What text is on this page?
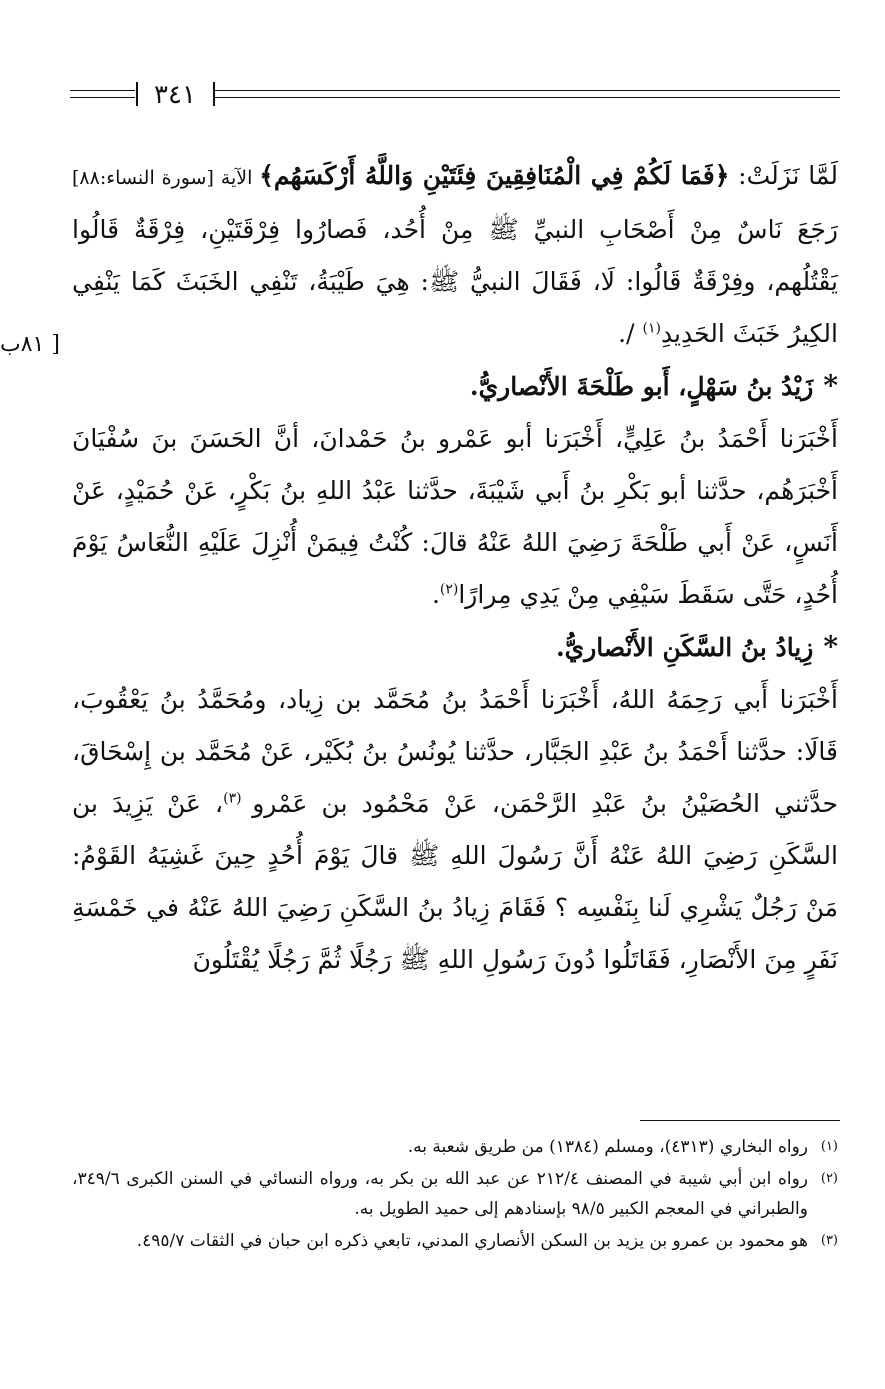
٣٤١
[ ٨١ب

لَمَّا نَزَلَتْ: ﴿فَمَا لَكُمْ فِي الْمُنَافِقِينَ فِئَتَيْنِ وَاللَّهُ أَرْكَسَهُم﴾ الآية [سورة النساء:٨٨] رَجَعَ نَاسٌ مِنْ أَصْحَابِ النبيِّ ﷺ مِنْ أُحُد، فَصارُوا فِرْقَتَيْنِ، فِرْقَةٌ قَالُوا يَقْتُلُهم، وفِرْقَةٌ قَالُوا: لَا، فَقَالَ النبيُّ ﷺ: هِيَ طَيْبَةُ، تَنْفِي الخَبَثَ كَمَا يَنْفِي الكِيرُ خَبَثَ الحَدِيدِ$^{(١)}$ /.

*زَيْدُ بنُ سَهْلٍ، أَبو طَلْحَةَ الأَنْصاريُّ.

أَخْبَرَنا أَحْمَدُ بنُ عَلِيٍّ، أَخْبَرَنا أبو عَمْرو بنُ حَمْدانَ، أنَّ الحَسَنَ بنَ سُفْيَانَ أَخْبَرَهُم، حدَّثنا أبو بَكْرِ بنُ أَبي شَيْبَةَ، حدَّثنا عَبْدُ اللهِ بنُ بَكْرٍ، عَنْ حُمَيْدٍ، عَنْ أَنَسٍ، عَنْ أَبي طَلْحَةَ رَضِيَ اللهُ عَنْهُ قالَ: كُنْتُ فِيمَنْ أُنْزِلَ عَلَيْهِ النُّعَاسُ يَوْمَ أُحُدٍ، حَتَّى سَقَطَ سَيْفِي مِنْ يَدِي مِرارًا$^{(٢)}$.

*زِيادُ بنُ السَّكَنِ الأَنْصاريُّ.

أَخْبَرَنا أَبي رَحِمَهُ اللهُ، أَخْبَرَنا أَحْمَدُ بنُ مُحَمَّد بن زِياد، ومُحَمَّدُ بنُ يَعْقُوبَ، قَالَا: حدَّثنا أَحْمَدُ بنُ عَبْدِ الجَبَّار، حدَّثنا يُونُسُ بنُ بُكَيْر، عَنْ مُحَمَّد بن إِسْحَاقَ، حدَّثني الحُصَيْنُ بنُ عَبْدِ الرَّحْمَن، عَنْ مَحْمُود بن عَمْرو $^{(٣)}$، عَنْ يَزِيدَ بن السَّكَنِ رَضِيَ اللهُ عَنْهُ أَنَّ رَسُولَ اللهِ ﷺ قالَ يَوْمَ أُحُدٍ حِينَ غَشِيَهُ القَوْمُ: مَنْ رَجُلٌ يَشْرِي لَنا بِنَفْسِه ؟ فَقَامَ زِيادُ بنُ السَّكَنِ رَضِيَ اللهُ عَنْهُ في خَمْسَةِ نَفَرٍ مِنَ الأَنْصَارِ، فَقَاتَلُوا دُونَ رَسُولِ اللهِ ﷺ رَجُلًا ثُمَّ رَجُلًا يُقْتَلُونَ

(١)
رواه البخاري (٤٣١٣)، ومسلم (١٣٨٤) من طريق شعبة به.
(٢)
رواه ابن أبي شيبة في المصنف ٢١٢/٤ عن عبد الله بن بكر به، ورواه النسائي في السنن الكبرى ٣٤٩/٦، والطبراني في المعجم الكبير ٩٨/٥ بإسنادهم إلى حميد الطويل به.
(٣)
هو محمود بن عمرو بن يزيد بن السكن الأنصاري المدني، تابعي ذكره ابن حبان في الثقات ٤٩٥/٧.
